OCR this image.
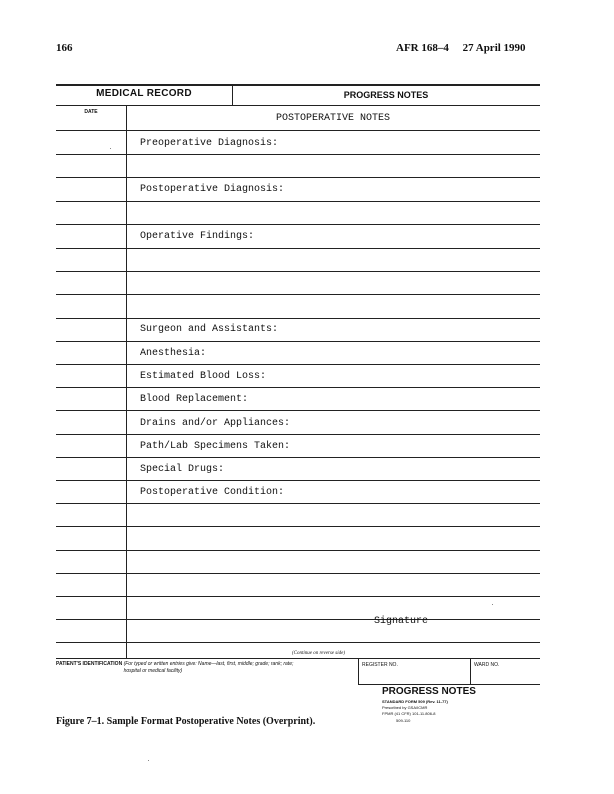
166	AFR 168–4     27 April 1990
MEDICAL RECORD	PROGRESS NOTES
DATE
POSTOPERATIVE NOTES
Preoperative Diagnosis:
Postoperative Diagnosis:
Operative Findings:
Surgeon and Assistants:
Anesthesia:
Estimated Blood Loss:
Blood Replacement:
Drains and/or Appliances:
Path/Lab Specimens Taken:
Special Drugs:
Postoperative Condition:
Signature
(Continue on reverse side)
PATIENT'S IDENTIFICATION (For typed or written entries give: Name—last, first, middle; grade; rank; rate; hospital or medical facility)
REGISTER NO.	WARD NO.
PROGRESS NOTES
STANDARD FORM 509 (Rev. 11-77)
Prescribed by GSA/ICMR
FPMR (41 CFR) 101-11.806-8
509-110
Figure 7–1. Sample Format Postoperative Notes (Overprint).
